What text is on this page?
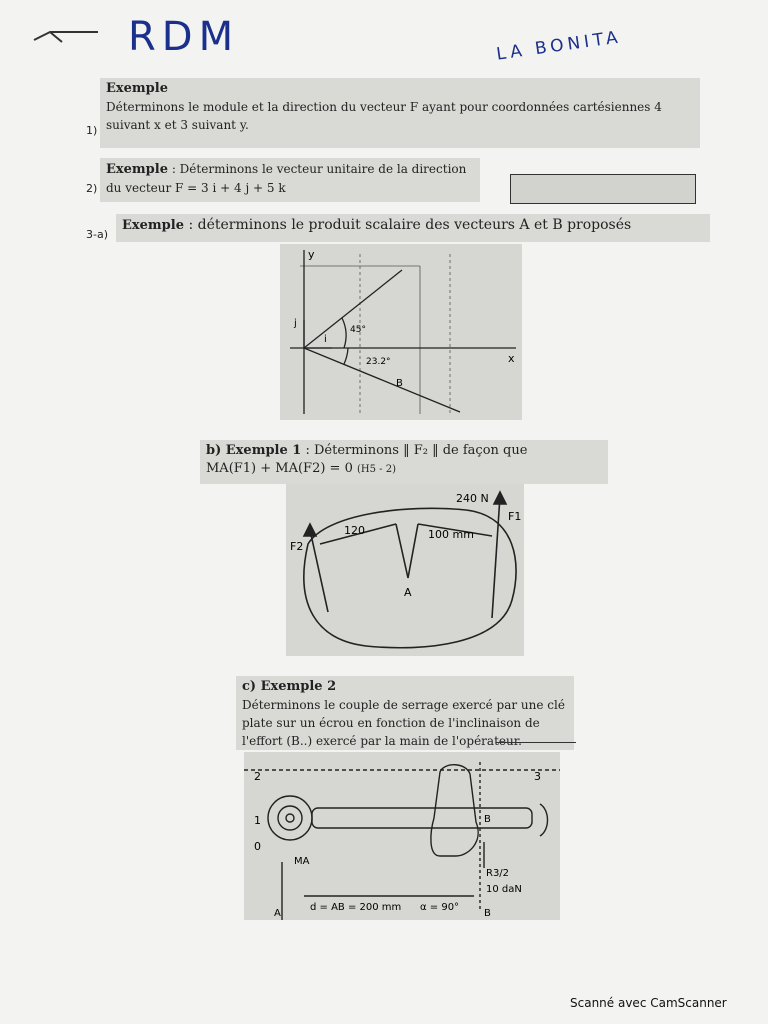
RDM	LA BONITA
1)
Exemple
Déterminons le module et la direction du vecteur F ayant pour coordonnées cartésiennes 4 suivant x et 3 suivant y.
2)
Exemple : Déterminons le vecteur unitaire de la direction du vecteur F = 3 i + 4 j + 5 k
3-a)
Exemple : déterminons le produit scalaire des vecteurs A et B proposés
y
x
j
i
B
45°
23.2°
b) Exemple 1 : Déterminons ‖ F₂ ‖ de façon que
MA(F1) + MA(F2) = 0 (H5 - 2)
240 N
F1
F2
120	100 mm
A
c) Exemple 2
Déterminons le couple de serrage exercé par une clé plate sur un écrou en fonction de l'inclinaison de l'effort (B..) exercé par la main de l'opérateur.
2	3
1
0
MA
B
R3/2
10 daN
d = AB = 200 mm α = 90°
A	B
Scanné avec CamScanner
